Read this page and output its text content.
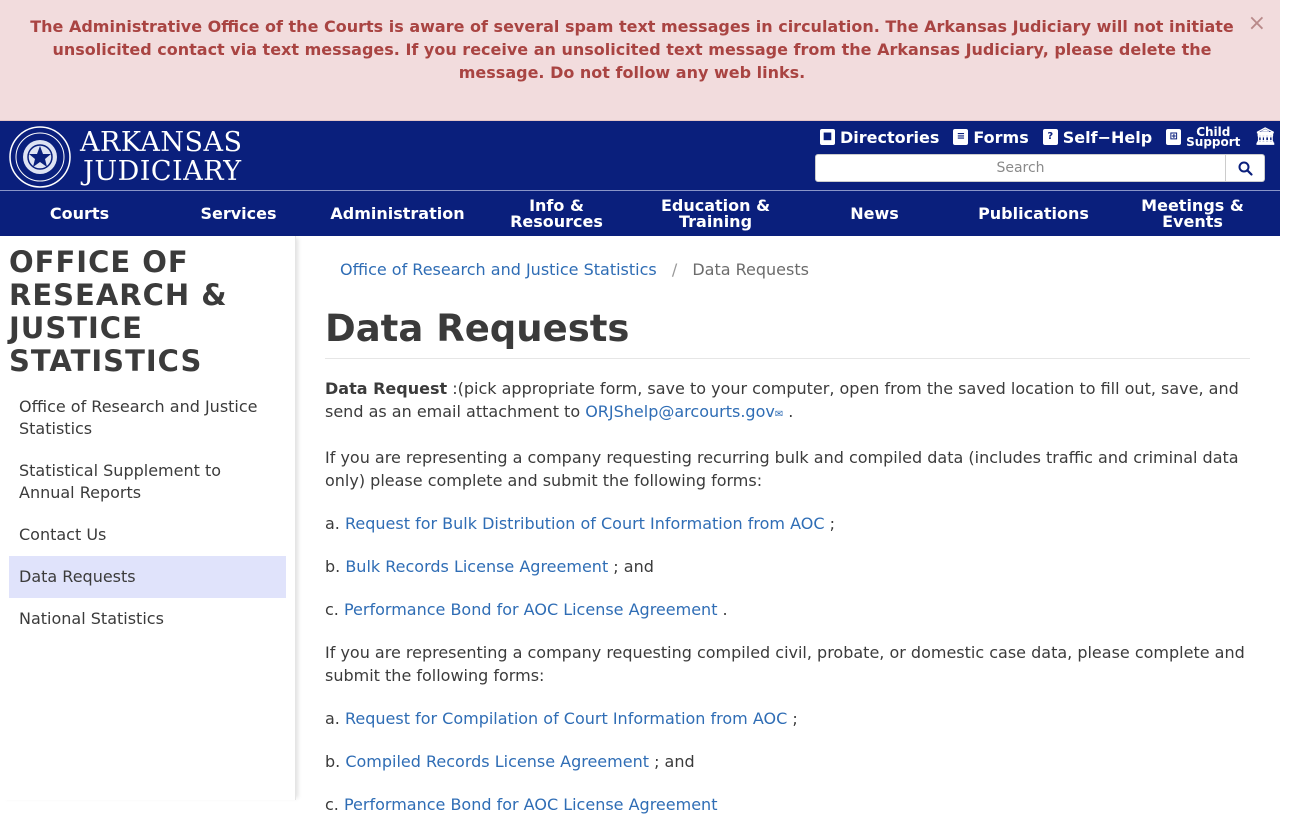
The Administrative Office of the Courts is aware of several spam text messages in circulation. The Arkansas Judiciary will not initiate unsolicited contact via text messages. If you receive an unsolicited text message from the Arkansas Judiciary, please delete the message. Do not follow any web links.
×
ARKANSAS
JUDICIARY
■ Directories	≡ Forms	? Self−Help	⊞	Child
Support 🏛 A
Search
Courts	Services	Administration	Info & Resources
Education & Training	News	Publications	Meetings & Events
OFFICE OF RESEARCH & JUSTICE STATISTICS
Office of Research and Justice Statistics
Statistical Supplement to Annual Reports
Contact Us
Data Requests
National Statistics
Office of Research and Justice Statistics / Data Requests
Data Requests

Data Request :(pick appropriate form, save to your computer, open from the saved location to fill out, save, and send as an email attachment to ORJShelp@arcourts.gov✉ .

If you are representing a company requesting recurring bulk and compiled data (includes traffic and criminal data only) please complete and submit the following forms:

a. Request for Bulk Distribution of Court Information from AOC ;

b. Bulk Records License Agreement ; and

c. Performance Bond for AOC License Agreement .

If you are representing a company requesting compiled civil, probate, or domestic case data, please complete and submit the following forms:

a. Request for Compilation of Court Information from AOC ;

b. Compiled Records License Agreement ; and

c. Performance Bond for AOC License Agreement
